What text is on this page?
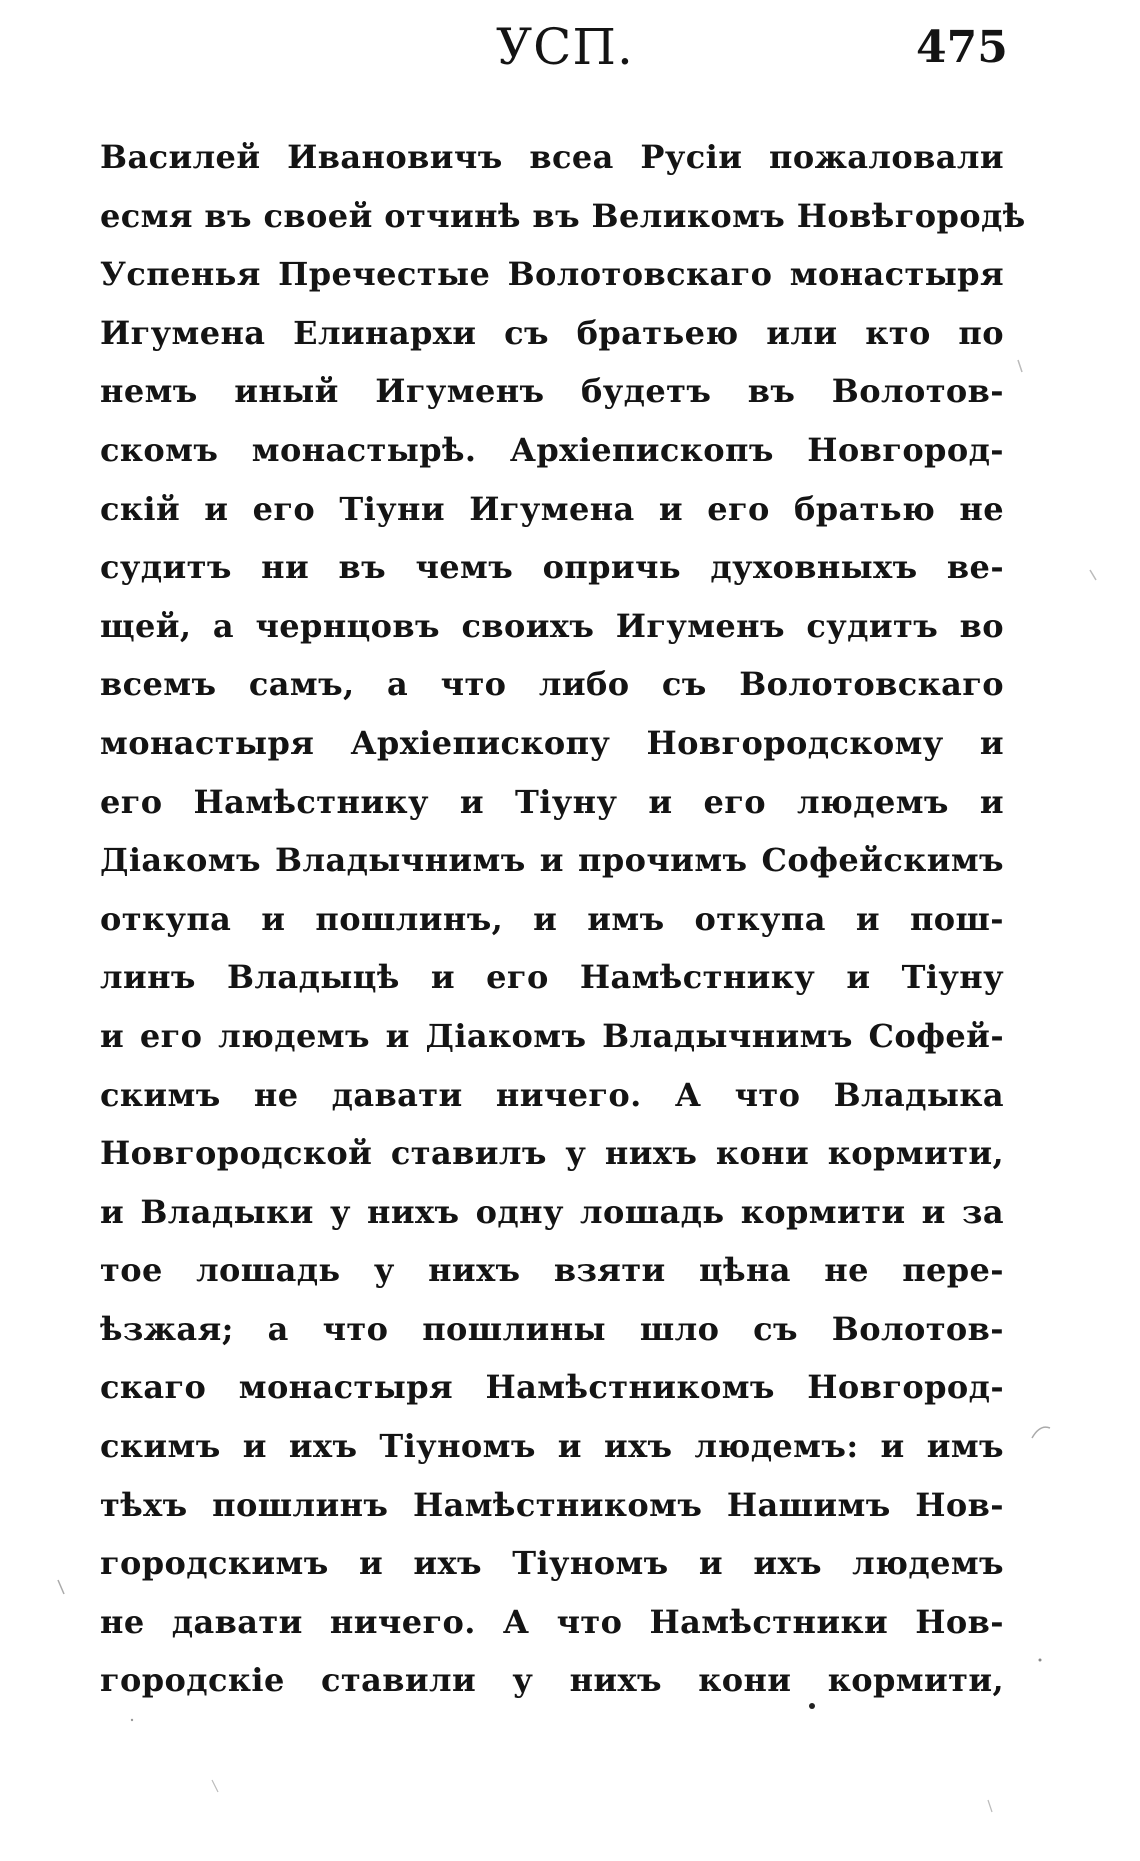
УСП.	475
Василей Ивановичъ всеа Русіи пожаловали
есмя въ своей отчинѣ въ Великомъ Новѣгородѣ
Успенья Пречестые Волотовскаго монастыря
Игумена Елинархи съ братьею или кто по
немъ иный Игуменъ будетъ въ Волотов-
скомъ монастырѣ. Архіепископъ Новгород-
скій и его Тіуни Игумена и его братью не
судитъ ни въ чемъ опричь духовныхъ ве-
щей, а чернцовъ своихъ Игуменъ судитъ во
всемъ самъ, а что либо съ Волотовскаго
монастыря Архіепископу Новгородскому и
его Намѣстнику и Тіуну и его людемъ и
Діакомъ Владычнимъ и прочимъ Софейскимъ
откупа и пошлинъ, и имъ откупа и пош-
линъ Владыцѣ и его Намѣстнику и Тіуну
и его людемъ и Діакомъ Владычнимъ Софей-
скимъ не давати ничего. А что Владыка
Новгородской ставилъ у нихъ кони кормити,
и Владыки у нихъ одну лошадь кормити и за
тое лошадь у нихъ взяти цѣна не пере-
ѣзжая; а что пошлины шло съ Волотов-
скаго монастыря Намѣстникомъ Новгород-
скимъ и ихъ Тіуномъ и ихъ людемъ: и имъ
тѣхъ пошлинъ Намѣстникомъ Нашимъ Нов-
городскимъ и ихъ Тіуномъ и ихъ людемъ
не давати ничего. А что Намѣстники Нов-
городскіе ставили у нихъ кони кормити,
